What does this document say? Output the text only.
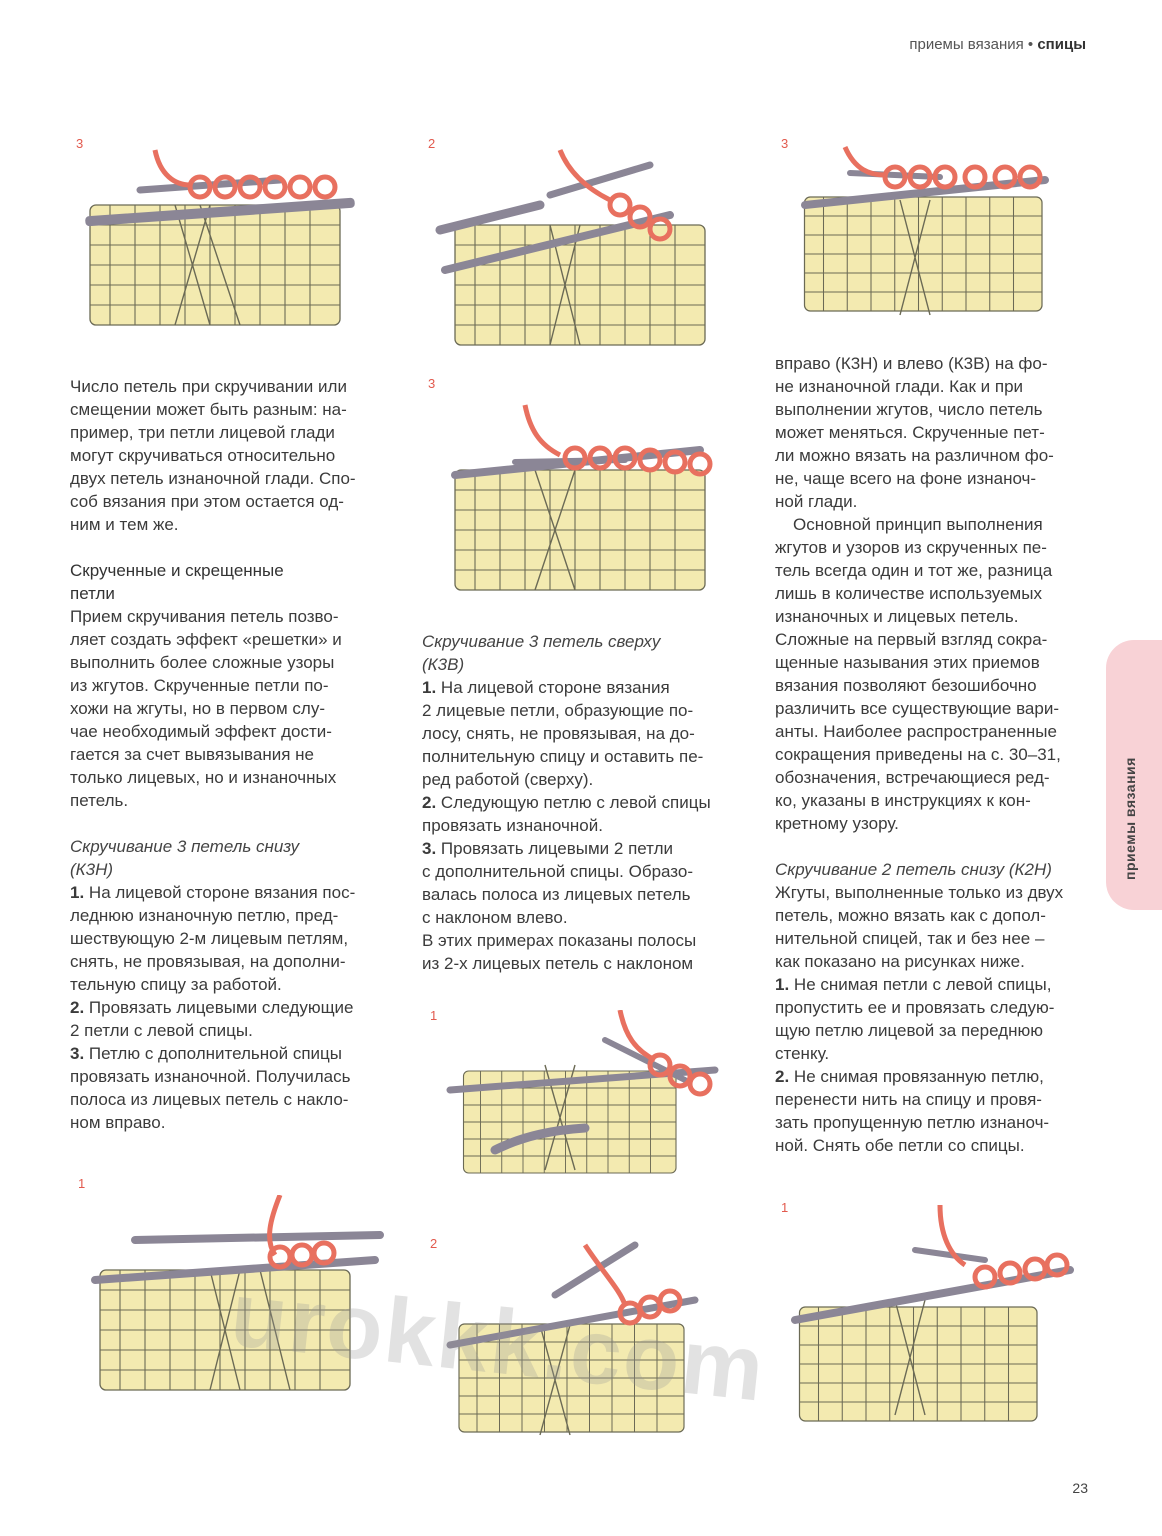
приемы вязания • спицы
3	2	3
3
1
1
2
1

Число петель при скручивании или

смещении может быть разным: на-

пример, три петли лицевой глади

могут скручиваться относительно

двух петель изнаночной глади. Спо-

соб вязания при этом остается од-

ним и тем же.

Скрученные и скрещенные
петли

Прием скручивания петель позво-

ляет создать эффект «решетки» и

выполнить более сложные узоры

из жгутов. Скрученные петли по-

хожи на жгуты, но в первом слу-

чае необходимый эффект дости-

гается за счет вывязывания не

только лицевых, но и изнаночных

петель.

Скручивание 3 петель снизу

(К3Н)

1. На лицевой стороне вязания пос-

леднюю изнаночную петлю, пред-

шествующую 2-м лицевым петлям,

снять, не провязывая, на дополни-

тельную спицу за работой.

2. Провязать лицевыми следующие

2 петли с левой спицы.

3. Петлю с дополнительной спицы

провязать изнаночной. Получилась

полоса из лицевых петель с накло-

ном вправо.

Скручивание 3 петель сверху

(К3В)

1. На лицевой стороне вязания

2 лицевые петли, образующие по-

лосу, снять, не провязывая, на до-

полнительную спицу и оставить пе-

ред работой (сверху).

2. Следующую петлю с левой спицы

провязать изнаночной.

3. Провязать лицевыми 2 петли

с дополнительной спицы. Образо-

валась полоса из лицевых петель

с наклоном влево.

В этих примерах показаны полосы

из 2-х лицевых петель с наклоном

вправо (К3Н) и влево (К3В) на фо-

не изнаночной глади. Как и при

выполнении жгутов, число петель

может меняться. Скрученные пет-

ли можно вязать на различном фо-

не, чаще всего на фоне изнаноч-

ной глади.

Основной принцип выполнения

жгутов и узоров из скрученных пе-

тель всегда один и тот же, разница

лишь в количестве используемых

изнаночных и лицевых петель.

Сложные на первый взгляд сокра-

щенные называния этих приемов

вязания позволяют безошибочно

различить все существующие вари-

анты. Наиболее распространенные

сокращения приведены на с. 30–31,

обозначения, встречающиеся ред-

ко, указаны в инструкциях к кон-

кретному узору.

Скручивание 2 петель снизу (К2Н)

Жгуты, выполненные только из двух

петель, можно вязать как с допол-

нительной спицей, так и без нее –

как показано на рисунках ниже.

1. Не снимая петли с левой спицы,

пропустить ее и провязать следую-

щую петлю лицевой за переднюю

стенку.

2. Не снимая провязанную петлю,

перенести нить на спицу и провя-

зать пропущенную петлю изнаноч-

ной. Снять обе петли со спицы.

приемы вязания
urokkk.com
23
